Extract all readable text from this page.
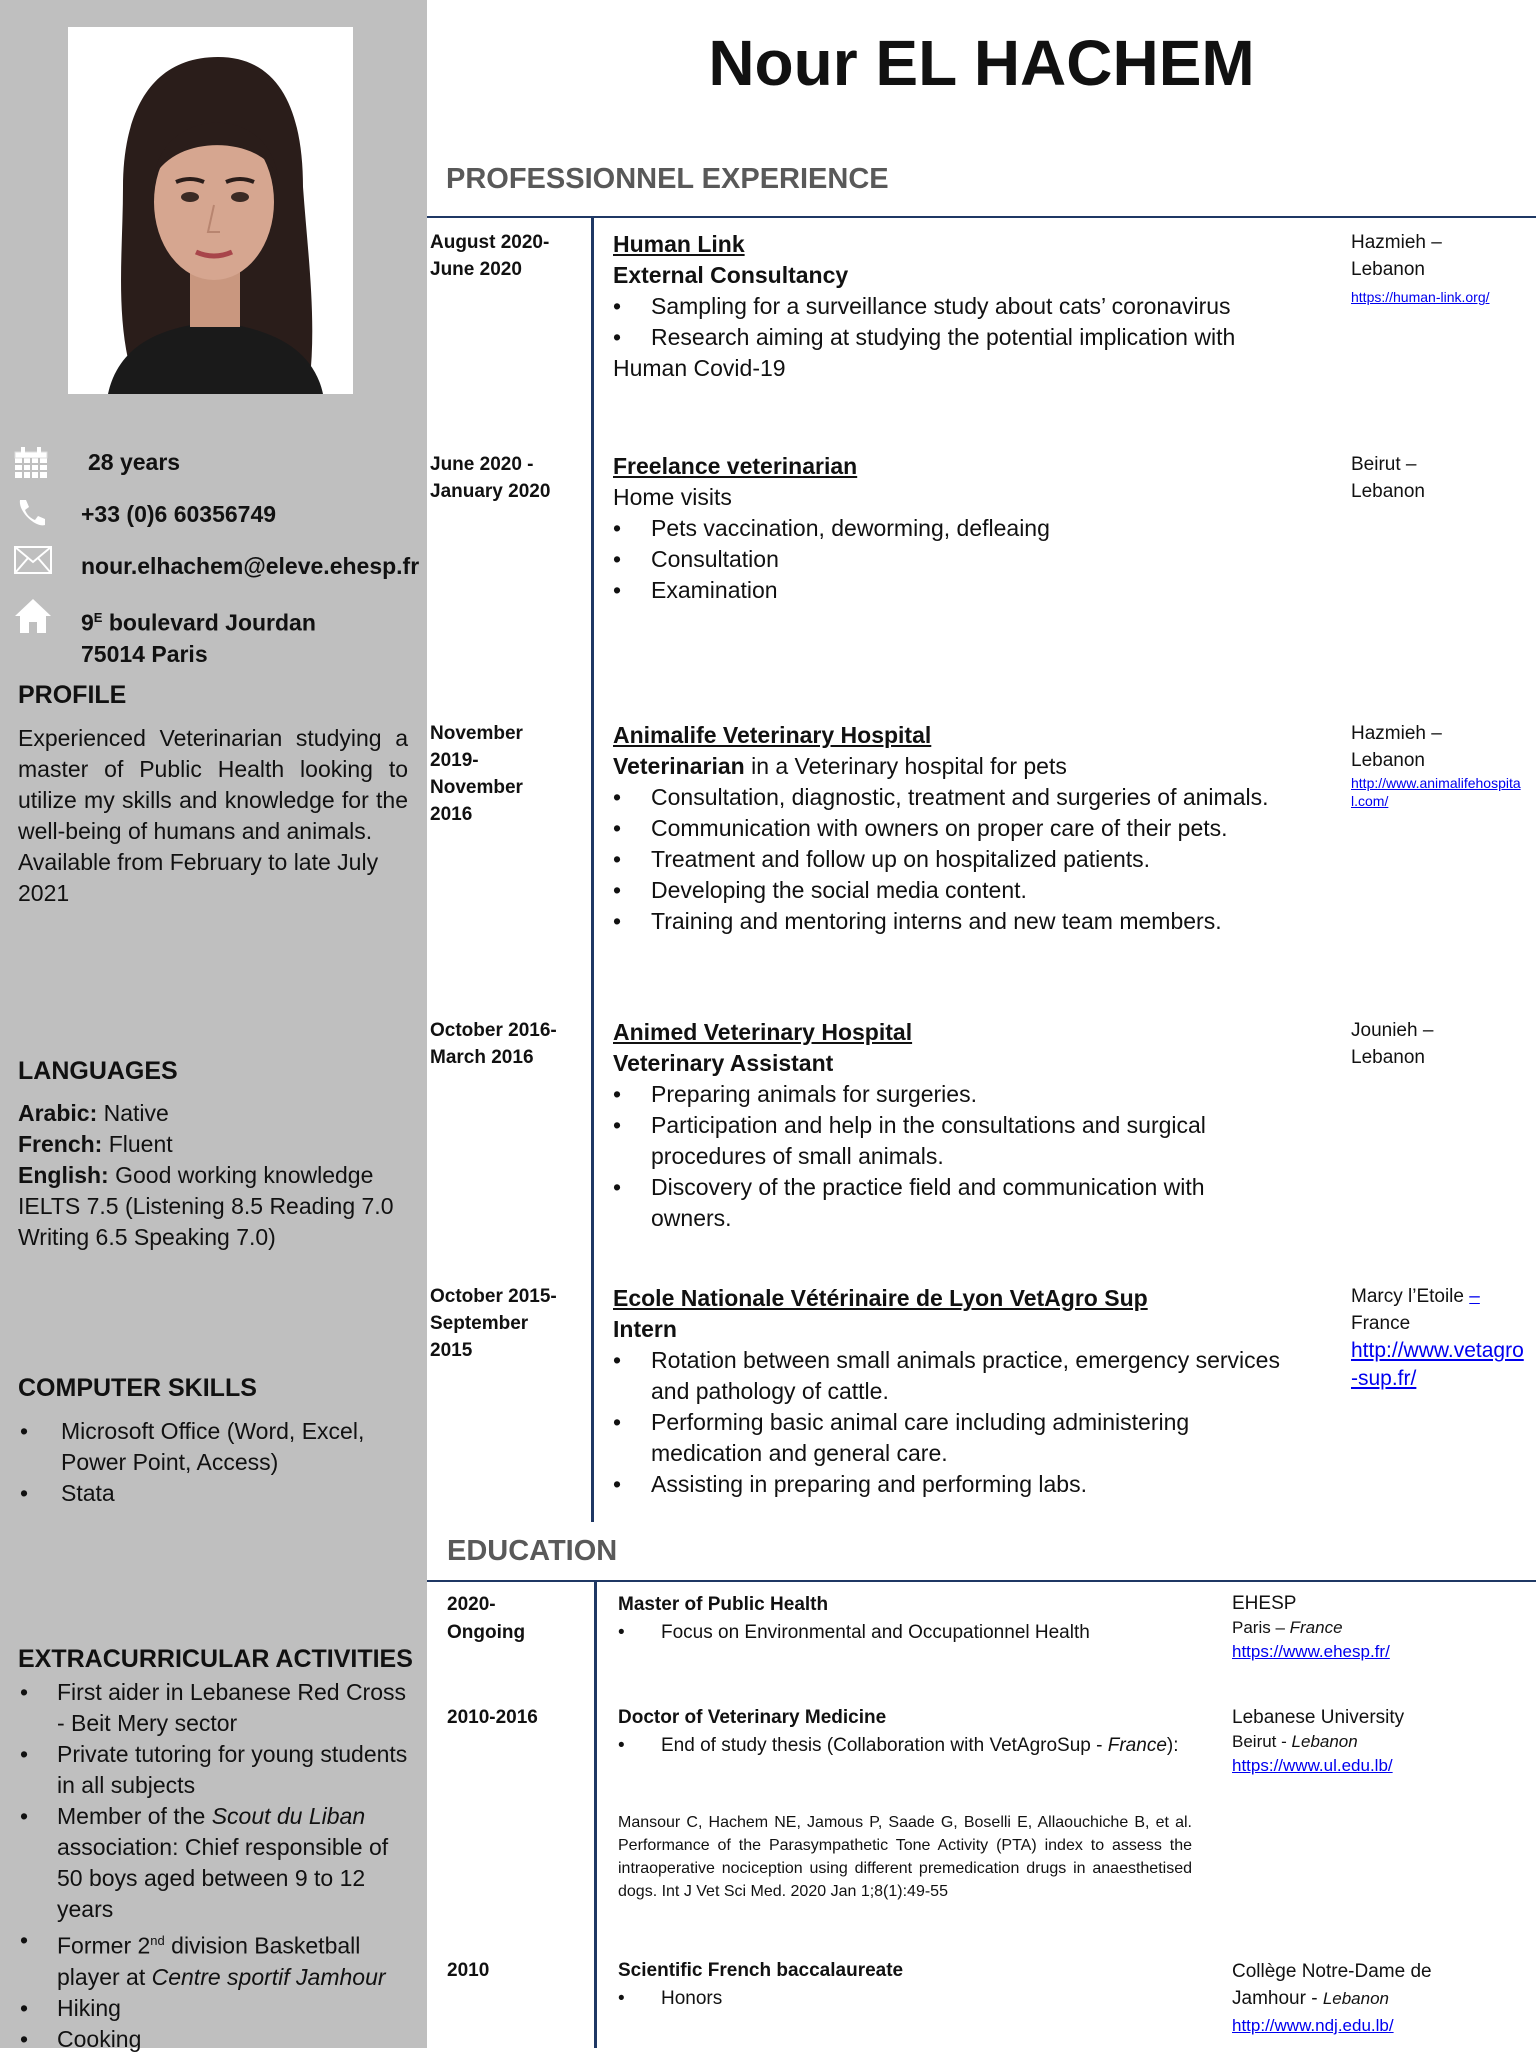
28 years
+33 (0)6 60356749
nour.elhachem@eleve.ehesp.fr
$9^E$ boulevard Jourdan
75014 Paris
PROFILE

Experienced Veterinarian studying a master of Public Health looking to utilize my skills and knowledge for the well-being of humans and animals.

Available from February to late July 2021

LANGUAGES
Arabic: Native
French: Fluent
English: Good working knowledge
IELTS 7.5 (Listening 8.5 Reading 7.0 Writing 6.5 Speaking 7.0)
COMPUTER SKILLS
• Microsoft Office (Word, Excel, Power Point, Access)
• Stata
EXTRACURRICULAR ACTIVITIES
• First aider in Lebanese Red Cross - Beit Mery sector
• Private tutoring for young students in all subjects
• Member of the Scout du Liban association: Chief responsible of 50 boys aged between 9 to 12 years
• Former 2nd division Basketball player at Centre sportif Jamhour
• Hiking
• Cooking
Nour EL HACHEM
PROFESSIONNEL EXPERIENCE
August 2020-
June 2020
Human Link
External Consultancy
• Sampling for a surveillance study about cats’ coronavirus
• Research aiming at studying the potential implication with
Human Covid-19
Hazmieh –
Lebanon
https://human-link.org/
June 2020 -
January 2020
Freelance veterinarian
Home visits
• Pets vaccination, deworming, defleaing
• Consultation
• Examination
Beirut –
Lebanon
November
2019-
November
2016
Animalife Veterinary Hospital
Veterinarian in a Veterinary hospital for pets
• Consultation, diagnostic, treatment and surgeries of animals.
• Communication with owners on proper care of their pets.
• Treatment and follow up on hospitalized patients.
• Developing the social media content.
• Training and mentoring interns and new team members.
Hazmieh –
Lebanon
http://www.animalifehospital.com/
October 2016-
March 2016
Animed Veterinary Hospital
Veterinary Assistant
• Preparing animals for surgeries.
• Participation and help in the consultations and surgical procedures of small animals.
• Discovery of the practice field and communication with owners.
Jounieh –
Lebanon
October 2015-
September
2015
Ecole Nationale Vétérinaire de Lyon VetAgro Sup
Intern
• Rotation between small animals practice, emergency services and pathology of cattle.
• Performing basic animal care including administering medication and general care.
• Assisting in preparing and performing labs.
Marcy l’Etoile –
France
http://www.vetagro-sup.fr/
EDUCATION
2020-
Ongoing
Master of Public Health
• Focus on Environmental and Occupationnel Health
EHESP
Paris – France
https://www.ehesp.fr/
2010-2016	Doctor of Veterinary Medicine
• End of study thesis (Collaboration with VetAgroSup - France):
Mansour C, Hachem NE, Jamous P, Saade G, Boselli E, Allaouchiche B, et al. Performance of the Parasympathetic Tone Activity (PTA) index to assess the intraoperative nociception using different premedication drugs in anaesthetised dogs. Int J Vet Sci Med. 2020 Jan 1;8(1):49-55
Lebanese University
Beirut - Lebanon
https://www.ul.edu.lb/
2010	Scientific French baccalaureate
• Honors
Collège Notre-Dame de
Jamhour - Lebanon
http://www.ndj.edu.lb/
